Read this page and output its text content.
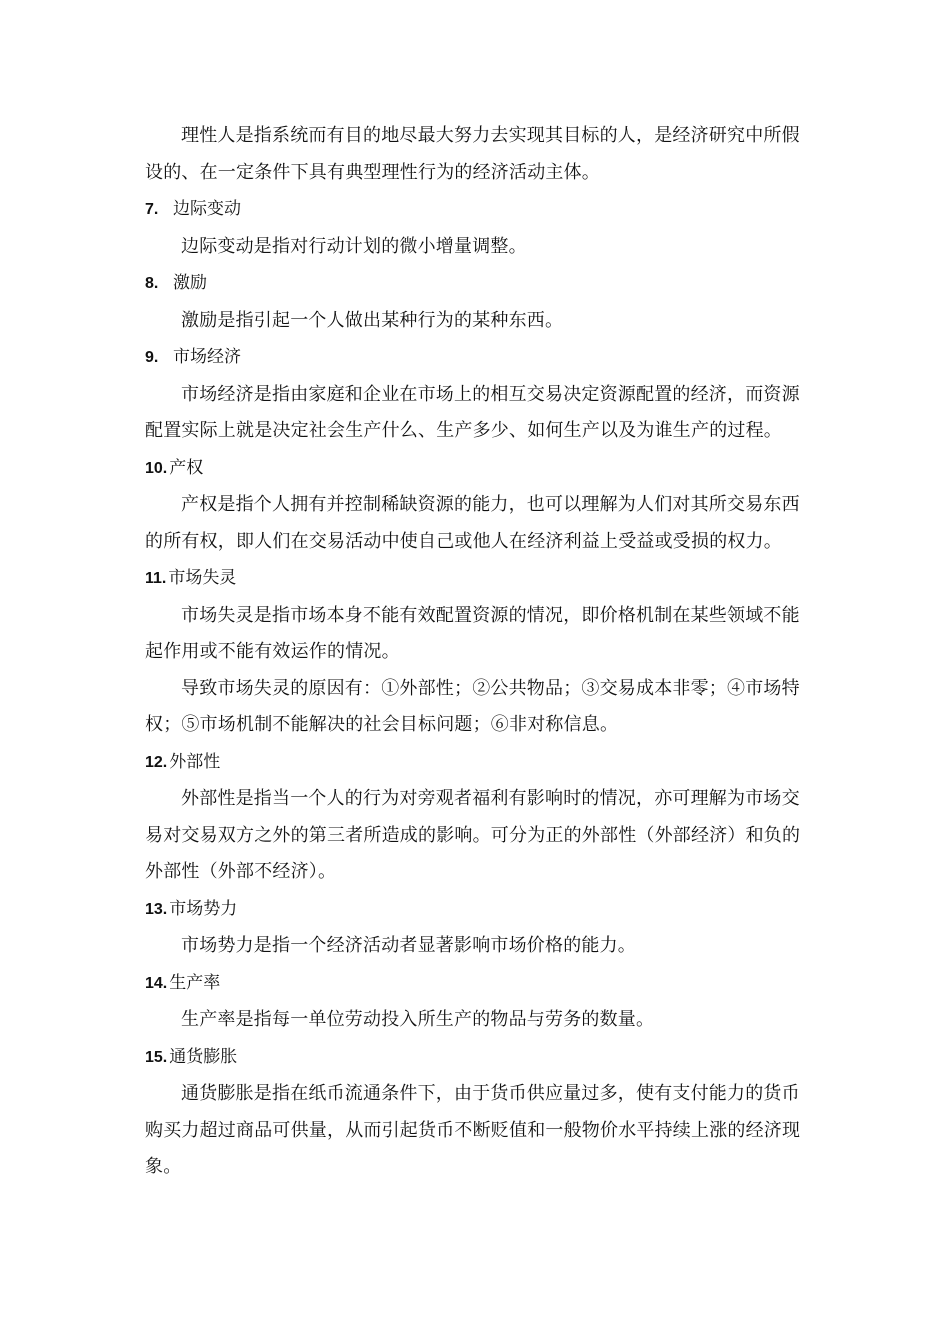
理性人是指系统而有目的地尽最大努力去实现其目标的人，是经济研究中所假设的、在一定条件下具有典型理性行为的经济活动主体。

7. 边际变动

边际变动是指对行动计划的微小增量调整。

8. 激励

激励是指引起一个人做出某种行为的某种东西。

9. 市场经济

市场经济是指由家庭和企业在市场上的相互交易决定资源配置的经济，而资源配置实际上就是决定社会生产什么、生产多少、如何生产以及为谁生产的过程。

10. 产权

产权是指个人拥有并控制稀缺资源的能力，也可以理解为人们对其所交易东西的所有权，即人们在交易活动中使自己或他人在经济利益上受益或受损的权力。

11. 市场失灵

市场失灵是指市场本身不能有效配置资源的情况，即价格机制在某些领域不能起作用或不能有效运作的情况。

导致市场失灵的原因有：①外部性；②公共物品；③交易成本非零；④市场特权；⑤市场机制不能解决的社会目标问题；⑥非对称信息。

12. 外部性

外部性是指当一个人的行为对旁观者福利有影响时的情况，亦可理解为市场交易对交易双方之外的第三者所造成的影响。可分为正的外部性（外部经济）和负的外部性（外部不经济）。

13. 市场势力

市场势力是指一个经济活动者显著影响市场价格的能力。

14. 生产率

生产率是指每一单位劳动投入所生产的物品与劳务的数量。

15. 通货膨胀

通货膨胀是指在纸币流通条件下，由于货币供应量过多，使有支付能力的货币购买力超过商品可供量，从而引起货币不断贬值和一般物价水平持续上涨的经济现象。
